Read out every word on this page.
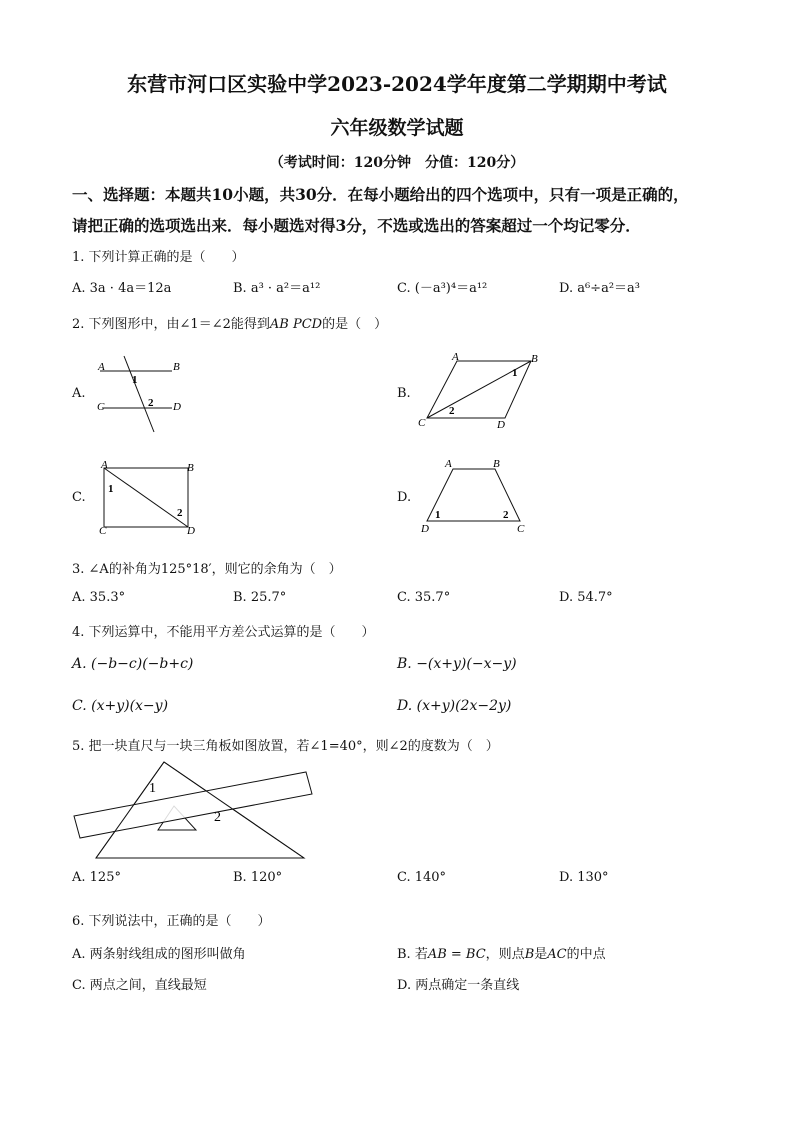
东营市河口区实验中学2023-2024学年度第二学期期中考试
六年级数学试题
（考试时间：120分钟　分值：120分）
一、选择题：本题共10小题，共30分．在每小题给出的四个选项中，只有一项是正确的，
请把正确的选项选出来．每小题选对得3分，不选或选出的答案超过一个均记零分．
1. 下列计算正确的是（　　）
A. 3a · 4a＝12a	B. a³ · a²＝a¹²	C. (－a³)⁴＝a¹²	D. a⁶÷a²＝a³
2. 下列图形中，由∠1＝∠2能得到AB PCD的是（　）
A.
A	B
C	D
1
2
B.
A	B
C	D
1
2
C.
A	B
C	D
1
2
D.
A	B
D	C
1	2
3. ∠A的补角为125°18′，则它的余角为（　）
A. 35.3°	B. 25.7°	C. 35.7°	D. 54.7°
4. 下列运算中，不能用平方差公式运算的是（　　）
A. (−b−c)(−b+c)	B. −(x+y)(−x−y)
C. (x+y)(x−y)	D. (x+y)(2x−2y)
5. 把一块直尺与一块三角板如图放置，若∠1=40°，则∠2的度数为（　）
1
2
A. 125°	B. 120°	C. 140°	D. 130°
6. 下列说法中，正确的是（　　）
A. 两条射线组成的图形叫做角	B. 若AB = BC，则点B是AC的中点
C. 两点之间，直线最短	D. 两点确定一条直线
